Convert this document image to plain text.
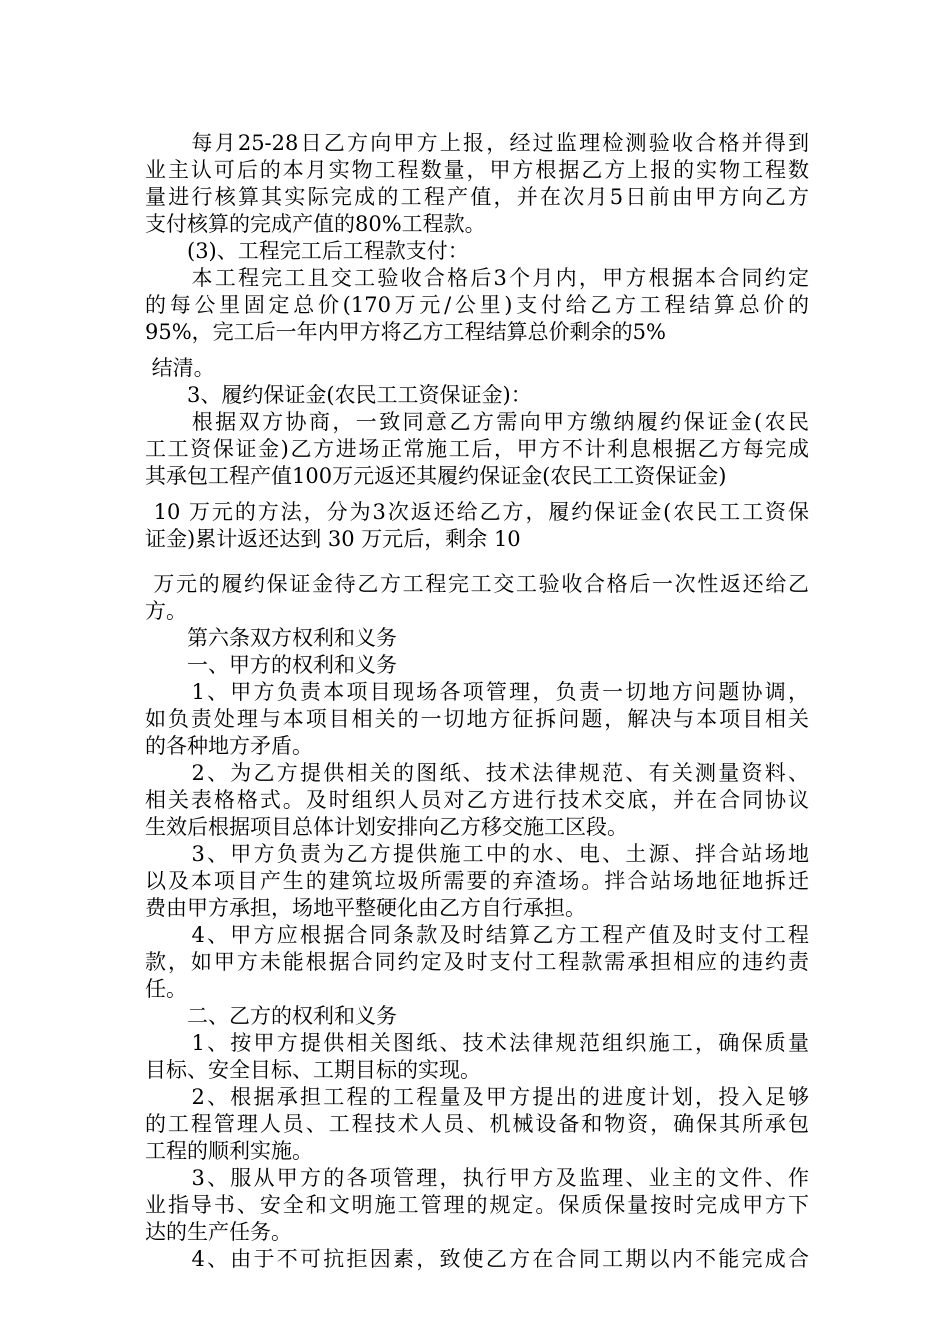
　　每月25-28日乙方向甲方上报，经过监理检测验收合格并得到
业主认可后的本月实物工程数量，甲方根据乙方上报的实物工程数
量进行核算其实际完成的工程产值，并在次月5日前由甲方向乙方
支付核算的完成产值的80%工程款。
　　(3)、工程完工后工程款支付：
　　本工程完工且交工验收合格后3个月内，甲方根据本合同约定
的每公里固定总价(170万元/公里)支付给乙方工程结算总价的
95%，完工后一年内甲方将乙方工程结算总价剩余的5%
结清。
　　3、履约保证金(农民工工资保证金)：
　　根据双方协商，一致同意乙方需向甲方缴纳履约保证金(农民
工工资保证金)乙方进场正常施工后，甲方不计利息根据乙方每完成
其承包工程产值100万元返还其履约保证金(农民工工资保证金)
10 万元的方法，分为3次返还给乙方，履约保证金(农民工工资保
证金)累计返还达到 30 万元后，剩余 10
万元的履约保证金待乙方工程完工交工验收合格后一次性返还给乙
方。
　　第六条双方权利和义务
　　一、甲方的权利和义务
　　1、甲方负责本项目现场各项管理，负责一切地方问题协调，
如负责处理与本项目相关的一切地方征拆问题，解决与本项目相关
的各种地方矛盾。
　　2、为乙方提供相关的图纸、技术法律规范、有关测量资料、
相关表格格式。及时组织人员对乙方进行技术交底，并在合同协议
生效后根据项目总体计划安排向乙方移交施工区段。
　　3、甲方负责为乙方提供施工中的水、电、土源、拌合站场地
以及本项目产生的建筑垃圾所需要的弃渣场。拌合站场地征地拆迁
费由甲方承担，场地平整硬化由乙方自行承担。
　　4、甲方应根据合同条款及时结算乙方工程产值及时支付工程
款，如甲方未能根据合同约定及时支付工程款需承担相应的违约责
任。
　　二、乙方的权利和义务
　　1、按甲方提供相关图纸、技术法律规范组织施工，确保质量
目标、安全目标、工期目标的实现。
　　2、根据承担工程的工程量及甲方提出的进度计划，投入足够
的工程管理人员、工程技术人员、机械设备和物资，确保其所承包
工程的顺利实施。
　　3、服从甲方的各项管理，执行甲方及监理、业主的文件、作
业指导书、安全和文明施工管理的规定。保质保量按时完成甲方下
达的生产任务。
　　4、由于不可抗拒因素，致使乙方在合同工期以内不能完成合
